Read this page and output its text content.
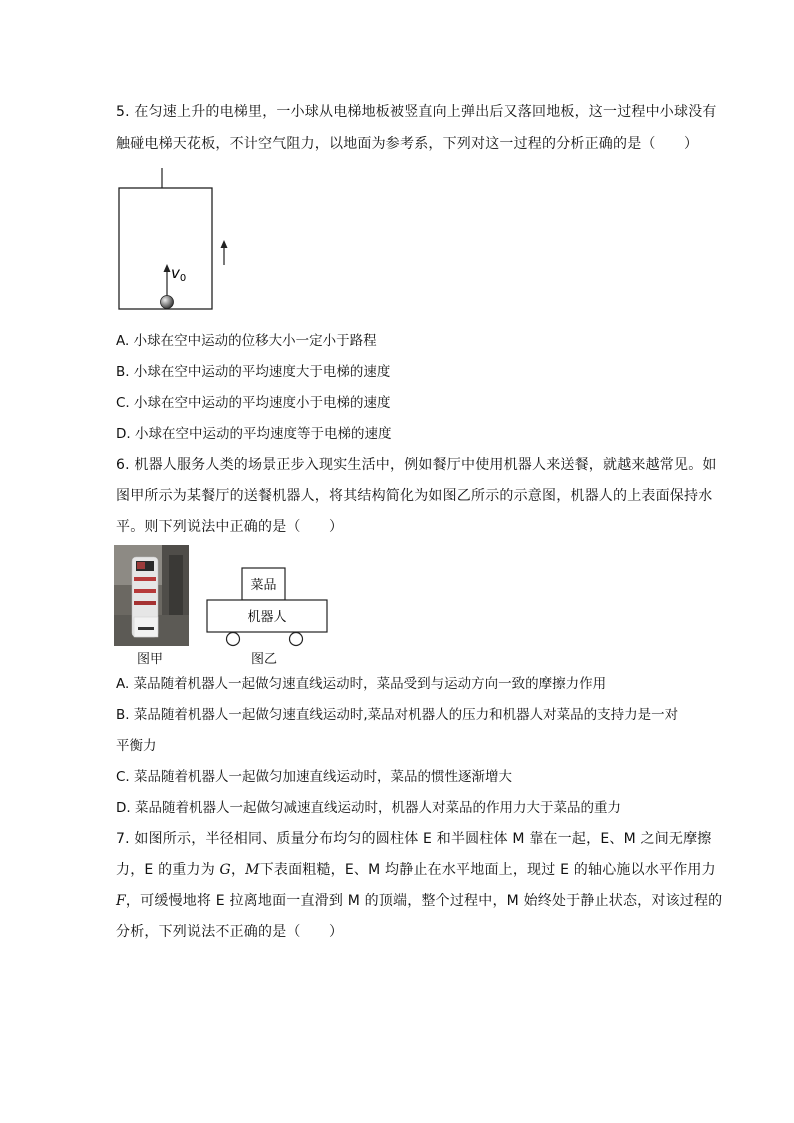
5. 在匀速上升的电梯里，一小球从电梯地板被竖直向上弹出后又落回地板，这一过程中小球没有
触碰电梯天花板，不计空气阻力，以地面为参考系，下列对这一过程的分析正确的是（　　）
$v_0$
A. 小球在空中运动的位移大小一定小于路程
B. 小球在空中运动的平均速度大于电梯的速度
C. 小球在空中运动的平均速度小于电梯的速度
D. 小球在空中运动的平均速度等于电梯的速度
6. 机器人服务人类的场景正步入现实生活中，例如餐厅中使用机器人来送餐，就越来越常见。如
图甲所示为某餐厅的送餐机器人，将其结构简化为如图乙所示的示意图，机器人的上表面保持水
平。则下列说法中正确的是（　　）
菜品
机器人
图甲	图乙
A. 菜品随着机器人一起做匀速直线运动时，菜品受到与运动方向一致的摩擦力作用
B. 菜品随着机器人一起做匀速直线运动时,菜品对机器人的压力和机器人对菜品的支持力是一对
平衡力
C. 菜品随着机器人一起做匀加速直线运动时，菜品的惯性逐渐增大
D. 菜品随着机器人一起做匀减速直线运动时，机器人对菜品的作用力大于菜品的重力
7. 如图所示，半径相同、质量分布均匀的圆柱体 E 和半圆柱体 M 靠在一起，E、M 之间无摩擦
力，E 的重力为 G，M下表面粗糙，E、M 均静止在水平地面上，现过 E 的轴心施以水平作用力
F，可缓慢地将 E 拉离地面一直滑到 M 的顶端，整个过程中，M 始终处于静止状态，对该过程的
分析，下列说法不正确的是（　　）
